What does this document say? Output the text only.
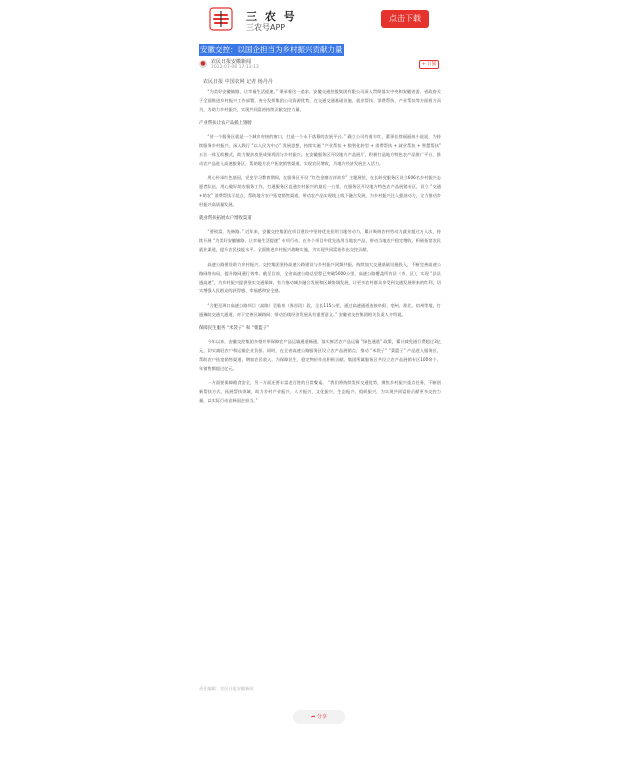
三 农 号
三农号APP
点击下载
安徽交控：以国企担当为乡村振兴贡献力量
● 农民日报安徽新闻
2022-07-08 17:13:13
+ 订阅
农民日报 中国农网 记者 杨丹丹

“为美好安徽铺路，让幸福生活提速。” 秉承着这一追求，安徽交通控股集团有限公司深入贯彻落实中央和安徽省委、省政府关于全面推进乡村振兴工作部署，充分发挥集团公司资源优势，在交通交通基础设施、就业帮扶、消费帮扶、产业帮扶等方面着力而为，为助力乡村振兴，实现共同富裕持续贡献交控力量。

产业帮扶让农产品插上翅膀

“驻一个服务区就是一个城乡对接的窗口，打造一个永不落幕的农展平台。” 确立公司有着丰红，董事长徐丽丽丝小说说，为持续服务乡村振兴，深入践行 “以人民为中心” 发展思想，持续实施 “产业帮扶 + 数智化转型 + 消费帮扶 + 就业帮扶 + 智慧帮扶” 五位一体互助模式，助力脱贫攻坚成果巩固与乡村振兴。在安徽服务区开设地方产品展厅，积极打造地方特色农产品推广平台，推动农产品进入高速服务区，帮助地方农户拓宽销售渠道，实现农民增收，为地方经济发展注入活力。

用心传承红色基因，党史学习教育期间，在服务区开设 “红色金寨吉祥故乡” 主题展馆，在长岭党服务区设立606名乡村振兴志愿者队伍，用心做好助农服务工作，打通服务区直通乡村振兴的最后一公里。在服务区开设地方特色农产品展销专区，设立 “交通+助农” 消费帮扶示范点，帮助地方农户拓宽销售渠道，带动农产品实现线上线下融合发展，为乡村振兴注入强劲动力，全力推动乡村振兴高质量发展。

就业帮扶拓展农户增收渠道

“要致富，先修路。” 近年来，安徽交控集团在项目建设中坚持优先招用当地劳动力，累计吸纳农村劳动力就业超过万人次，持续开展 “为美好安徽铺路，让幸福生活提速” 专项行动，在多个项目中优先选用当地农产品，带动当地农户稳定增收，积极拓宽农民就业渠道，提升农民技能水平，全面推进乡村振兴战略实施，为实现共同富裕作出交控贡献。

高速公路建设助力乡村振兴，交控集团坚持高速公路建设与乡村振兴同频共振，持续加大交通基础设施投入，不断完善高速公路网络布局，提升路网通行效率。截至目前，全省高速公路总里程已突破5000公里，高速公路覆盖所有县（市、区），实现 “县县通高速”，为乡村振兴提供坚实交通保障，有力推动城乡融合发展和区域协调发展，让更多农村群众享受到交通发展带来的红利，切实增强人民群众的获得感、幸福感和安全感。

“合肥至周口高速公路项目（高路）至临泉（界首段）段，全长115公里，通过高速通道连接阜阳、亳州、淮北、宿州等地，打通豫皖交通大通道，对于完善区域路网、带动沿线经济发展具有重要意义。” 安徽省交控集团相关负责人介绍说。

保障民生服务 “米袋子” 和 “菜篮子”

今年以来，安徽交控集团多措并举保障农产品运输通道畅通，落实鲜活农产品运输 “绿色通道” 政策，累计减免通行费超过3亿元，切实减轻农户和运输企业负担。同时，在全省高速公路服务区设立农产品展销点，推动 “米袋子” “菜篮子” 产品进入服务区，帮助农户拓宽销售渠道，增加农民收入，为保障民生、稳定物价作出积极贡献。集团所属服务区共设立农产品展销专区100余个，年销售额超过亿元。

一方面要保障粮食安全，另一方面还要丰富老百姓的日常餐桌。 “我们将持续发挥交通优势，聚焦乡村振兴重点任务，不断创新帮扶方式，拓展帮扶领域，助力乡村产业振兴、人才振兴、文化振兴、生态振兴、组织振兴，为实现共同富裕贡献更多交控力量，以实际行动诠释国企担当。”

责任编辑：农民日报安徽新闻
➦ 分享
